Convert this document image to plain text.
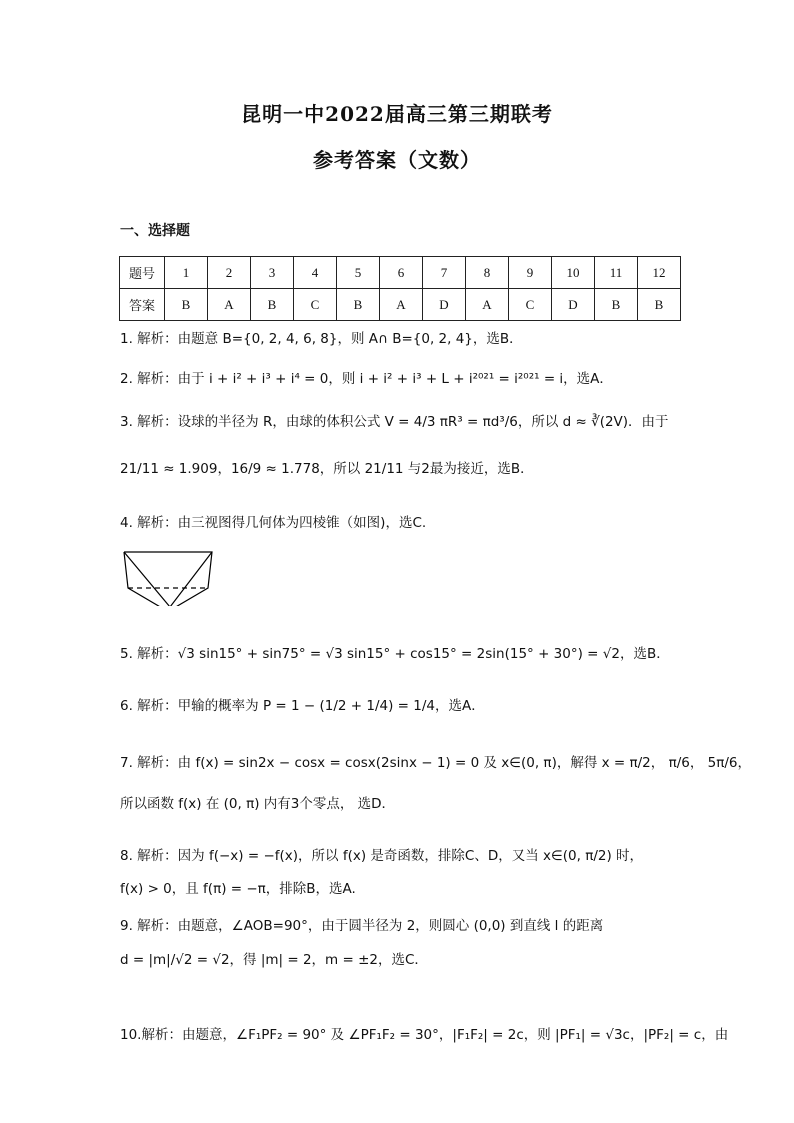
昆明一中2022届高三第三期联考
参考答案（文数）
一、选择题
题号	1	2	3	4	5	6	7	8	9	10	11	12
答案	B	A	B	C	B	A	D	A	C	D	B	B
1. 解析：由题意 B={0, 2, 4, 6, 8}，则 A∩ B={0, 2, 4}，选B．
2. 解析：由于 i + i² + i³ + i⁴ = 0，则 i + i² + i³ + L + i²⁰²¹ = i²⁰²¹ = i，选A．
3. 解析：设球的半径为 R，由球的体积公式 V = 4/3 πR³ = πd³/6，所以 d ≈ ∛(2V)．由于
21/11 ≈ 1.909，16/9 ≈ 1.778，所以 21/11 与2最为接近，选B．
4. 解析：由三视图得几何体为四棱锥（如图)，选C.
5. 解析：√3 sin15° + sin75° = √3 sin15° + cos15° = 2sin(15° + 30°) = √2，选B．
6. 解析：甲输的概率为 P = 1 − (1/2 + 1/4) = 1/4，选A．
7. 解析：由 f(x) = sin2x − cosx = cosx(2sinx − 1) = 0 及 x∈(0, π)，解得 x = π/2， π/6， 5π/6，
所以函数 f(x) 在 (0, π) 内有3个零点， 选D．
8. 解析：因为 f(−x) = −f(x)，所以 f(x) 是奇函数，排除C、D，又当 x∈(0, π/2) 时，
f(x) > 0，且 f(π) = −π，排除B，选A.
9. 解析：由题意，∠AOB=90°，由于圆半径为 2，则圆心 (0,0) 到直线 l 的距离
d = |m|/√2 = √2，得 |m| = 2，m = ±2，选C．
10.解析：由题意，∠F₁PF₂ = 90° 及 ∠PF₁F₂ = 30°，|F₁F₂| = 2c，则 |PF₁| = √3c，|PF₂| = c，由
